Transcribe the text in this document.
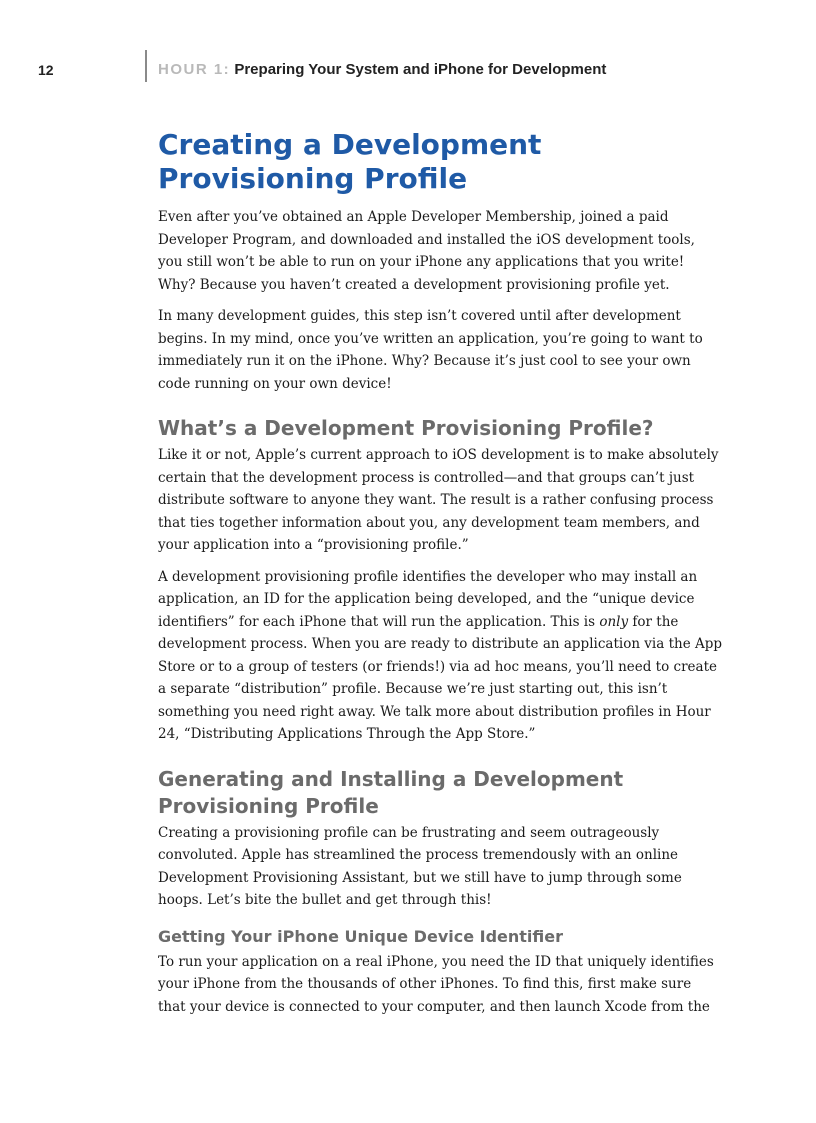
12	HOUR 1: Preparing Your System and iPhone for Development
Creating a Development Provisioning Profile

Even after you’ve obtained an Apple Developer Membership, joined a paid Developer Program, and downloaded and installed the iOS development tools, you still won’t be able to run on your iPhone any applications that you write! Why? Because you haven’t created a development provisioning profile yet.

In many development guides, this step isn’t covered until after development begins. In my mind, once you’ve written an application, you’re going to want to immediately run it on the iPhone. Why? Because it’s just cool to see your own code running on your own device!

What’s a Development Provisioning Profile?

Like it or not, Apple’s current approach to iOS development is to make absolutely certain that the development process is controlled—and that groups can’t just distribute software to anyone they want. The result is a rather confusing process that ties together information about you, any development team members, and your application into a “provisioning profile.”

A development provisioning profile identifies the developer who may install an application, an ID for the application being developed, and the “unique device identifiers” for each iPhone that will run the application. This is only for the development process. When you are ready to distribute an application via the App Store or to a group of testers (or friends!) via ad hoc means, you’ll need to create a separate “distribution” profile. Because we’re just starting out, this isn’t something you need right away. We talk more about distribution profiles in Hour 24, “Distributing Applications Through the App Store.”

Generating and Installing a Development Provisioning Profile

Creating a provisioning profile can be frustrating and seem outrageously convoluted. Apple has streamlined the process tremendously with an online Development Provisioning Assistant, but we still have to jump through some hoops. Let’s bite the bullet and get through this!

Getting Your iPhone Unique Device Identifier

To run your application on a real iPhone, you need the ID that uniquely identifies your iPhone from the thousands of other iPhones. To find this, first make sure that your device is connected to your computer, and then launch Xcode from the
